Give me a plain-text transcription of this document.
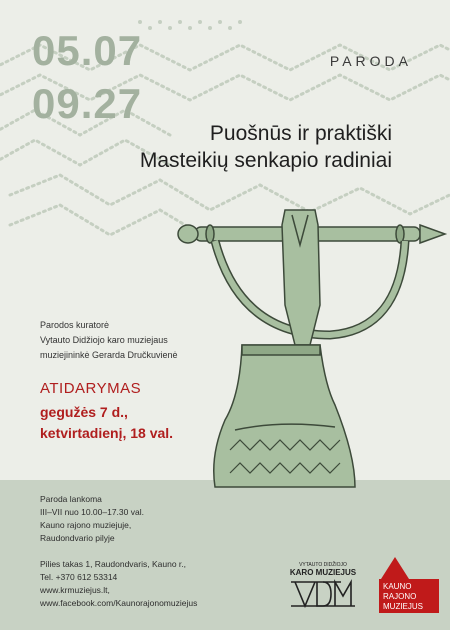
05.07
09.27
PARODA
Puošnūs ir praktiški
Masteikių senkapio radiniai
Parodos kuratorė
Vytauto Didžiojo karo muziejaus
muziejininkė Gerarda Dručkuvienė
ATIDARYMAS
gegužės 7 d.,
ketvirtadienį, 18 val.
Paroda lankoma
III–VII nuo 10.00–17.30 val.
Kauno rajono muziejuje,
Raudondvario pilyje
Pilies takas 1, Raudondvaris, Kauno r.,
Tel. +370 612 53314
www.krmuziejus.lt,
www.facebook.com/Kaunorajonomuziejus
VYTAUTO DIDŽIOJO
KARO MUZIEJUS
KAUNO
RAJONO
MUZIEJUS
